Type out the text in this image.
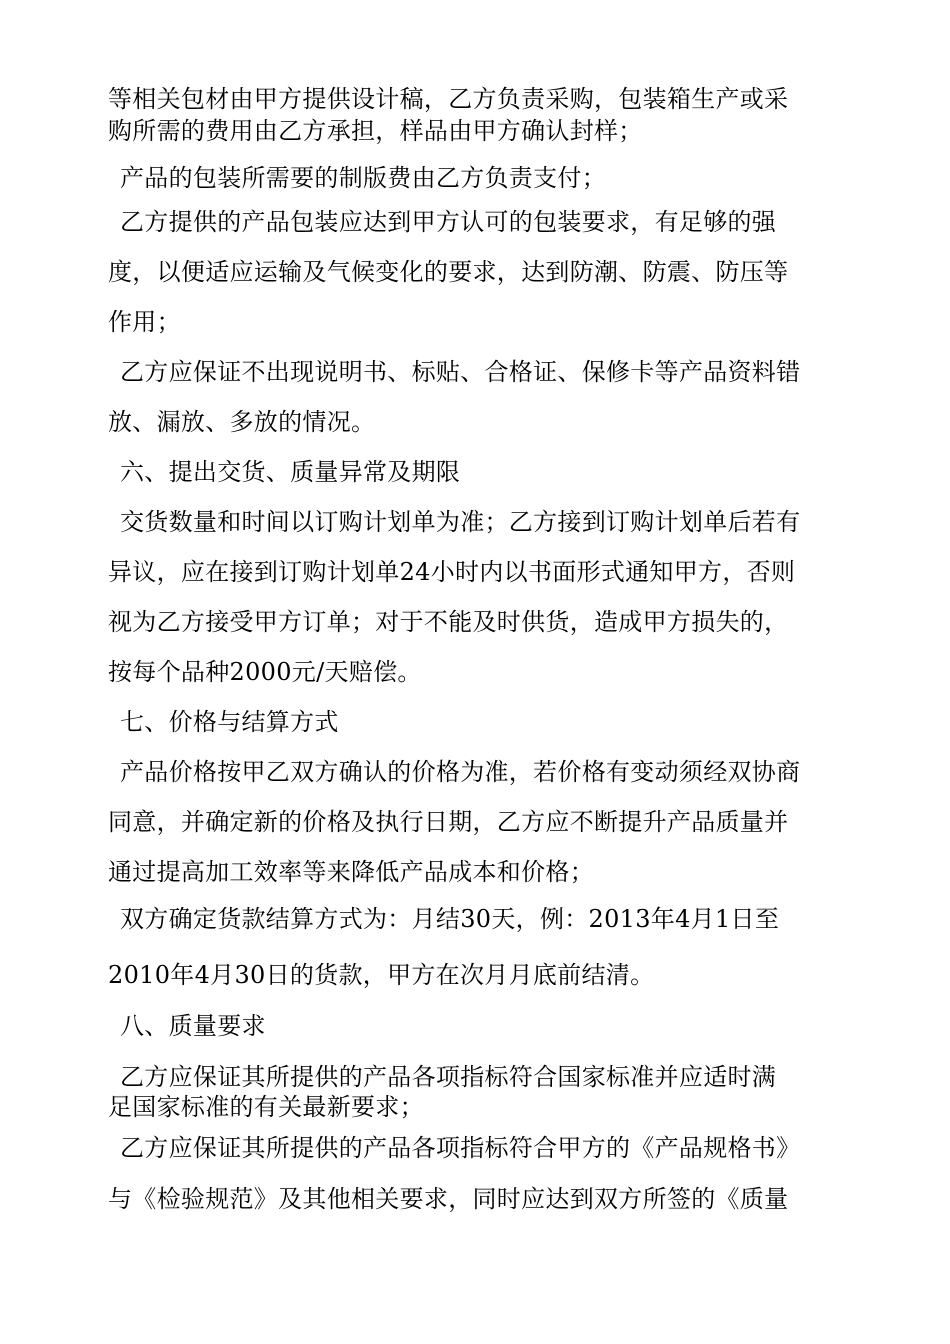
等相关包材由甲方提供设计稿，乙方负责采购，包装箱生产或采
购所需的费用由乙方承担，样品由甲方确认封样；
产品的包装所需要的制版费由乙方负责支付；
乙方提供的产品包装应达到甲方认可的包装要求，有足够的强
度，以便适应运输及气候变化的要求，达到防潮、防震、防压等
作用；
乙方应保证不出现说明书、标贴、合格证、保修卡等产品资料错
放、漏放、多放的情况。
六、提出交货、质量异常及期限
交货数量和时间以订购计划单为准；乙方接到订购计划单后若有
异议，应在接到订购计划单24小时内以书面形式通知甲方，否则
视为乙方接受甲方订单；对于不能及时供货，造成甲方损失的，
按每个品种2000元/天赔偿。
七、价格与结算方式
产品价格按甲乙双方确认的价格为准，若价格有变动须经双协商
同意，并确定新的价格及执行日期，乙方应不断提升产品质量并
通过提高加工效率等来降低产品成本和价格；
双方确定货款结算方式为：月结30天，例：2013年4月1日至
2010年4月30日的货款，甲方在次月月底前结清。
八、质量要求
乙方应保证其所提供的产品各项指标符合国家标准并应适时满
足国家标准的有关最新要求；
乙方应保证其所提供的产品各项指标符合甲方的《产品规格书》
与《检验规范》及其他相关要求，同时应达到双方所签的《质量
